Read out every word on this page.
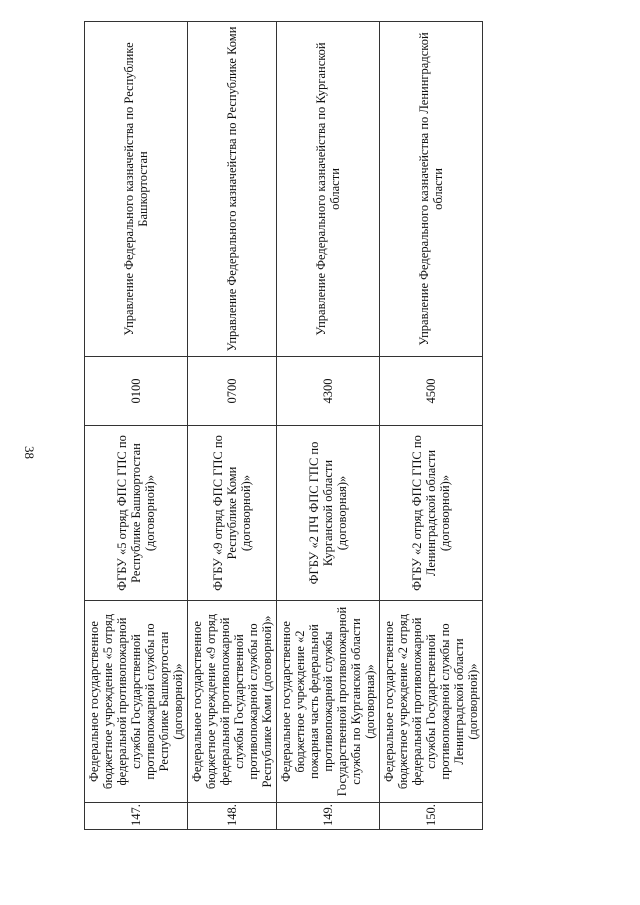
38
147.	Федеральное государственное бюджетное учреждение «5 отряд федеральной противопожарной службы Государственной противопожарной службы по Республике Башкортостан (договорной)»	ФГБУ «5 отряд ФПС ГПС по Республике Башкортостан (договорной)»	0100	Управление Федерального казначейства по Республике Башкортостан
148.	Федеральное государственное бюджетное учреждение «9 отряд федеральной противопожарной службы Государственной противопожарной службы по Республике Коми (договорной)»	ФГБУ «9 отряд ФПС ГПС по Республике Коми (договорной)»	0700	Управление Федерального казначейства по Республике Коми
149.	Федеральное государственное бюджетное учреждение «2 пожарная часть федеральной противопожарной службы Государственной противопожарной службы по Курганской области (договорная)»	ФГБУ «2 ПЧ ФПС ГПС по Курганской области (договорная)»	4300	Управление Федерального казначейства по Курганской области
150.	Федеральное государственное бюджетное учреждение «2 отряд федеральной противопожарной службы Государственной противопожарной службы по Ленинградской области (договорной)»	ФГБУ «2 отряд ФПС ГПС по Ленинградской области (договорной)»	4500	Управление Федерального казначейства по Ленинградской области
